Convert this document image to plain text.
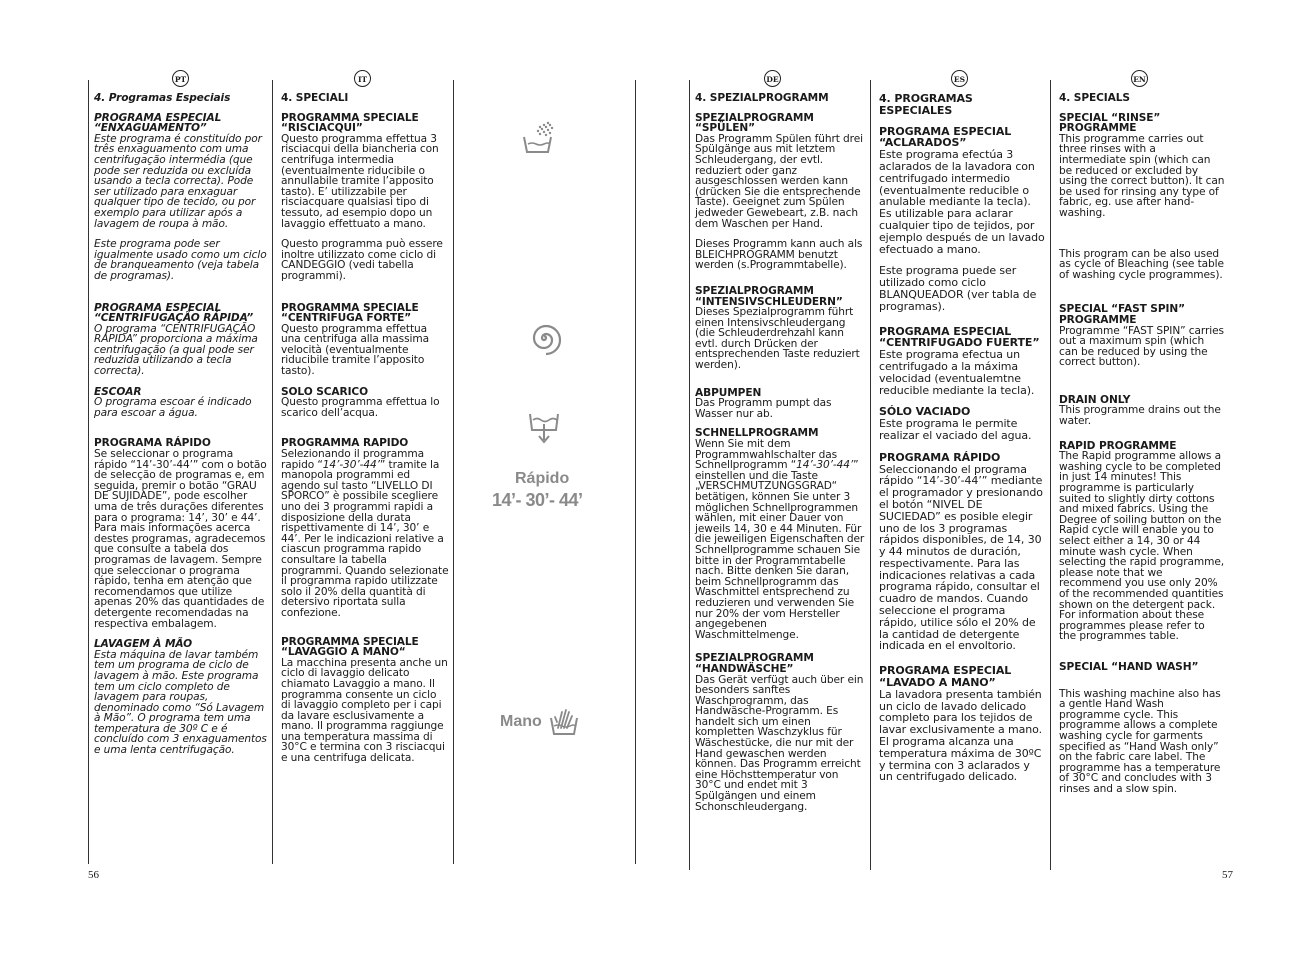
PT	IT	DE	ES	EN

4. Programas Especiais

PROGRAMA ESPECIAL “ENXAGUAMENTO”

Este programa é constituído por três enxaguamento com uma centrifugação intermédia (que pode ser reduzida ou excluída usando a tecla correcta). Pode ser utilizado para enxaguar qualquer tipo de tecido, ou por exemplo para utilizar após a lavagem de roupa à mão.

Este programa pode ser igualmente usado como um ciclo de branqueamento (veja tabela de programas).

PROGRAMA ESPECIAL “CENTRIFUGAÇÃO RÁPIDA”

O programa “CENTRIFUGAÇÃO RÁPIDA” proporciona a máxima centrifugação (a qual pode ser reduzida utilizando a tecla correcta).

ESCOAR

O programa escoar é indicado para escoar a água.

PROGRAMA RÁPIDO

Se seleccionar o programa rápido “14’-30’-44’” com o botão de selecção de programas e, em seguida, premir o botão “GRAU DE SUJIDADE”, pode escolher uma de três durações diferentes para o programa: 14’, 30’ e 44’. Para mais informações acerca destes programas, agradecemos que consulte a tabela dos programas de lavagem. Sempre que seleccionar o programa rápido, tenha em atenção que recomendamos que utilize apenas 20% das quantidades de detergente recomendadas na respectiva embalagem.

LAVAGEM À MÃO

Esta máquina de lavar também tem um programa de ciclo de lavagem à mão. Este programa tem um ciclo completo de lavagem para roupas, denominado como “Só Lavagem à Mão”. O programa tem uma temperatura de 30º C e é concluído com 3 enxaguamentos e uma lenta centrifugação.

4. SPECIALI

PROGRAMMA SPECIALE “RISCIACQUI”

Questo programma effettua 3 risciacqui della biancheria con centrifuga intermedia (eventualmente riducibile o annullabile tramite l’apposito tasto). E’ utilizzabile per risciacquare qualsiasi tipo di tessuto, ad esempio dopo un lavaggio effettuato a mano.

Questo programma può essere inoltre utilizzato come ciclo di CANDEGGIO (vedi tabella programmi).

PROGRAMMA SPECIALE “CENTRIFUGA FORTE”

Questo programma effettua una centrifuga alla massima velocità (eventualmente riducibile tramite l’apposito tasto).

SOLO SCARICO

Questo programma effettua lo scarico dell’acqua.

PROGRAMMA RAPIDO

Selezionando il programma rapido “14’-30’-44’” tramite la manopola programmi ed agendo sul tasto “LIVELLO DI SPORCO” è possibile scegliere uno dei 3 programmi rapidi a disposizione della durata rispettivamente di 14’, 30’ e 44’. Per le indicazioni relative a ciascun programma rapido consultare la tabella programmi. Quando selezionate il programma rapido utilizzate solo il 20% della quantità di detersivo riportata sulla confezione.

PROGRAMMA SPECIALE “LAVAGGIO A MANO“

La macchina presenta anche un ciclo di lavaggio delicato chiamato Lavaggio a mano. Il programma consente un ciclo di lavaggio completo per i capi da lavare esclusivamente a mano. Il programma raggiunge una temperatura massima di 30°C e termina con 3 risciacqui e una centrifuga delicata.

Rápido
14’- 30’- 44’
Mano

4. SPEZIALPROGRAMM

SPEZIALPROGRAMM “SPÜLEN”

Das Programm Spülen führt drei Spülgänge aus mit letztem Schleudergang, der evtl. reduziert oder ganz ausgeschlossen werden kann (drücken Sie die entsprechende Taste). Geeignet zum Spülen jedweder Gewebeart, z.B. nach dem Waschen per Hand.

Dieses Programm kann auch als BLEICHPROGRAMM benutzt werden (s.Programmtabelle).

SPEZIALPROGRAMM “INTENSIVSCHLEUDERN”

Dieses Spezialprogramm führt einen Intensivschleudergang (die Schleuderdrehzahl kann evtl. durch Drücken der entsprechenden Taste reduziert werden).

ABPUMPEN

Das Programm pumpt das Wasser nur ab.

SCHNELLPROGRAMM

Wenn Sie mit dem Programmwahlschalter das Schnellprogramm “14’-30’-44’” einstellen und die Taste „VERSCHMUTZUNGSGRAD“ betätigen, können Sie unter 3 möglichen Schnellprogrammen wählen, mit einer Dauer von jeweils 14, 30 e 44 Minuten. Für die jeweiligen Eigenschaften der Schnellprogramme schauen Sie bitte in der Programmtabelle nach. Bitte denken Sie daran, beim Schnellprogramm das Waschmittel entsprechend zu reduzieren und verwenden Sie nur 20% der vom Hersteller angegebenen Waschmittelmenge.

SPEZIALPROGRAMM “HANDWÄSCHE”

Das Gerät verfügt auch über ein besonders sanftes Waschprogramm, das Handwäsche-Programm. Es handelt sich um einen kompletten Waschzyklus für Wäschestücke, die nur mit der Hand gewaschen werden können. Das Programm erreicht eine Höchsttemperatur von 30°C und endet mit 3 Spülgängen und einem Schonschleudergang.

4. PROGRAMAS ESPECIALES

PROGRAMA ESPECIAL “ACLARADOS”

Este programa efectúa 3 aclarados de la lavadora con centrifugado intermedio (eventualmente reducible o anulable mediante la tecla). Es utilizable para aclarar cualquier tipo de tejidos, por ejemplo después de un lavado efectuado a mano.

Este programa puede ser utilizado como ciclo BLANQUEADOR (ver tabla de programas).

PROGRAMA ESPECIAL “CENTRIFUGADO FUERTE”

Este programa efectua un centrifugado a la máxima velocidad (eventualemtne reducible mediante la tecla).

SÓLO VACIADO

Este programa le permite realizar el vaciado del agua.

PROGRAMA RÁPIDO

Seleccionando el programa rápido “14’-30’-44’” mediante el programador y presionando el botón “NIVEL DE SUCIEDAD” es posible elegir uno de los 3 programas rápidos disponibles, de 14, 30 y 44 minutos de duración, respectivamente. Para las indicaciones relativas a cada programa rápido, consultar el cuadro de mandos. Cuando seleccione el programa rápido, utilice sólo el 20% de la cantidad de detergente indicada en el envoltorio.

PROGRAMA ESPECIAL “LAVADO A MANO”

La lavadora presenta también un ciclo de lavado delicado completo para los tejidos de lavar exclusivamente a mano. El programa alcanza una temperatura máxima de 30ºC y termina con 3 aclarados y un centrifugado delicado.

4. SPECIALS

SPECIAL “RINSE” PROGRAMME

This programme carries out three rinses with a intermediate spin (which can be reduced or excluded by using the correct button). It can be used for rinsing any type of fabric, eg. use after hand-washing.

This program can be also used as cycle of Bleaching (see table of washing cycle programmes).

SPECIAL “FAST SPIN” PROGRAMME

Programme “FAST SPIN” carries out a maximum spin (which can be reduced by using the correct button).

DRAIN ONLY

This programme drains out the water.

RAPID PROGRAMME

The Rapid programme allows a washing cycle to be completed in just 14 minutes! This programme is particularly suited to slightly dirty cottons and mixed fabrics. Using the Degree of soiling button on the Rapid cycle will enable you to select either a 14, 30 or 44 minute wash cycle. When selecting the rapid programme, please note that we recommend you use only 20% of the recommended quantities shown on the detergent pack. For information about these programmes please refer to the programmes table.

SPECIAL “HAND WASH”

This washing machine also has a gentle Hand Wash programme cycle. This programme allows a complete washing cycle for garments specified as “Hand Wash only” on the fabric care label. The programme has a temperature of 30°C and concludes with 3 rinses and a slow spin.

56	57
